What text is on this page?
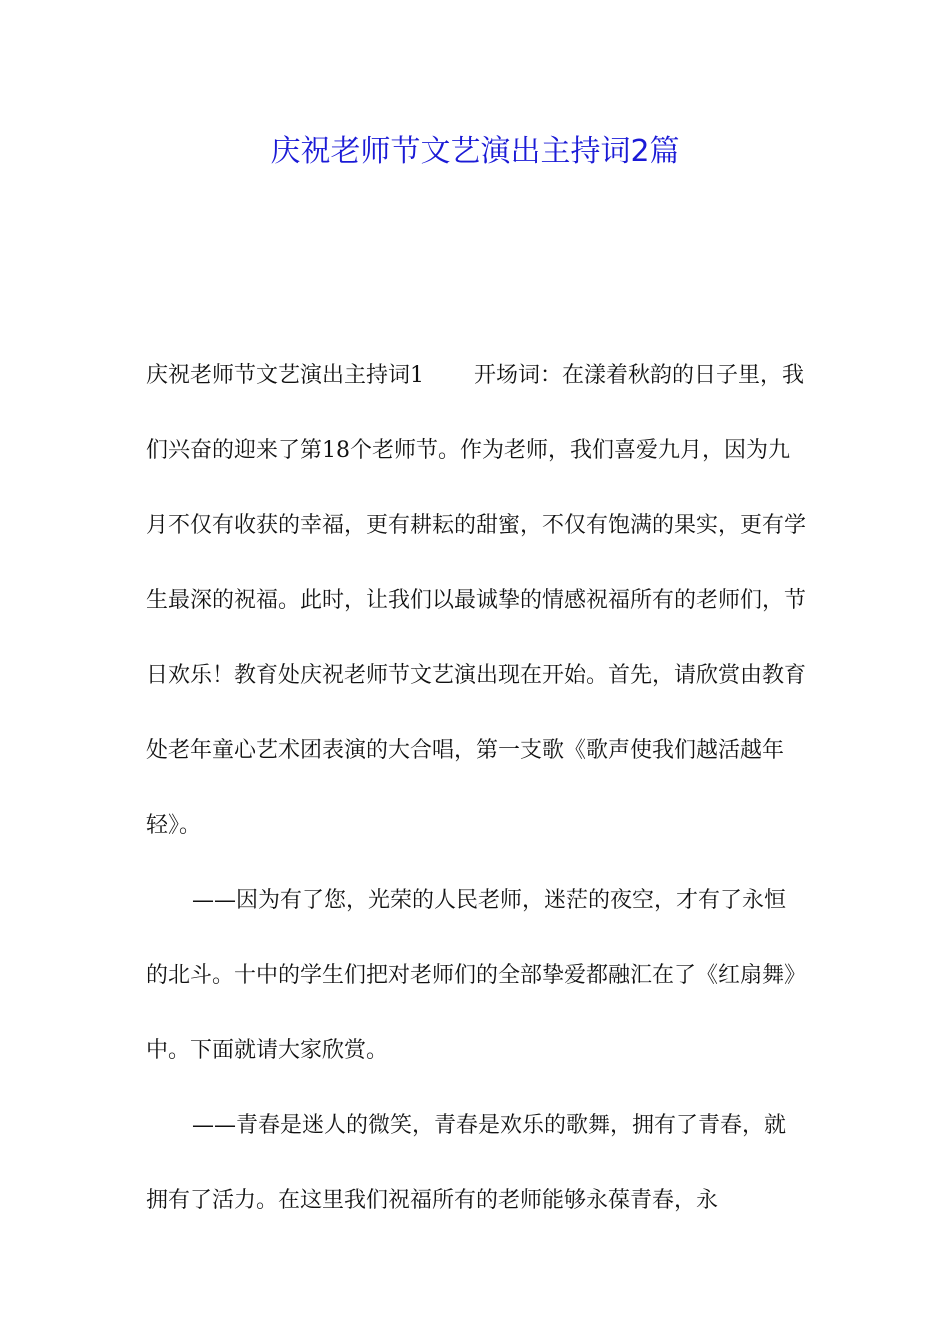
庆祝老师节文艺演出主持词2篇

庆祝老师节文艺演出主持词1 开场词：在漾着秋韵的日子里，我们兴奋的迎来了第18个老师节。作为老师，我们喜爱九月，因为九月不仅有收获的幸福，更有耕耘的甜蜜，不仅有饱满的果实，更有学生最深的祝福。此时，让我们以最诚挚的情感祝福所有的老师们，节日欢乐！教育处庆祝老师节文艺演出现在开始。首先，请欣赏由教育处老年童心艺术团表演的大合唱，第一支歌《歌声使我们越活越年轻》。

——因为有了您，光荣的人民老师，迷茫的夜空，才有了永恒的北斗。十中的学生们把对老师们的全部挚爱都融汇在了《红扇舞》中。下面就请大家欣赏。

——青春是迷人的微笑，青春是欢乐的歌舞，拥有了青春，就拥有了活力。在这里我们祝福所有的老师能够永葆青春，永
